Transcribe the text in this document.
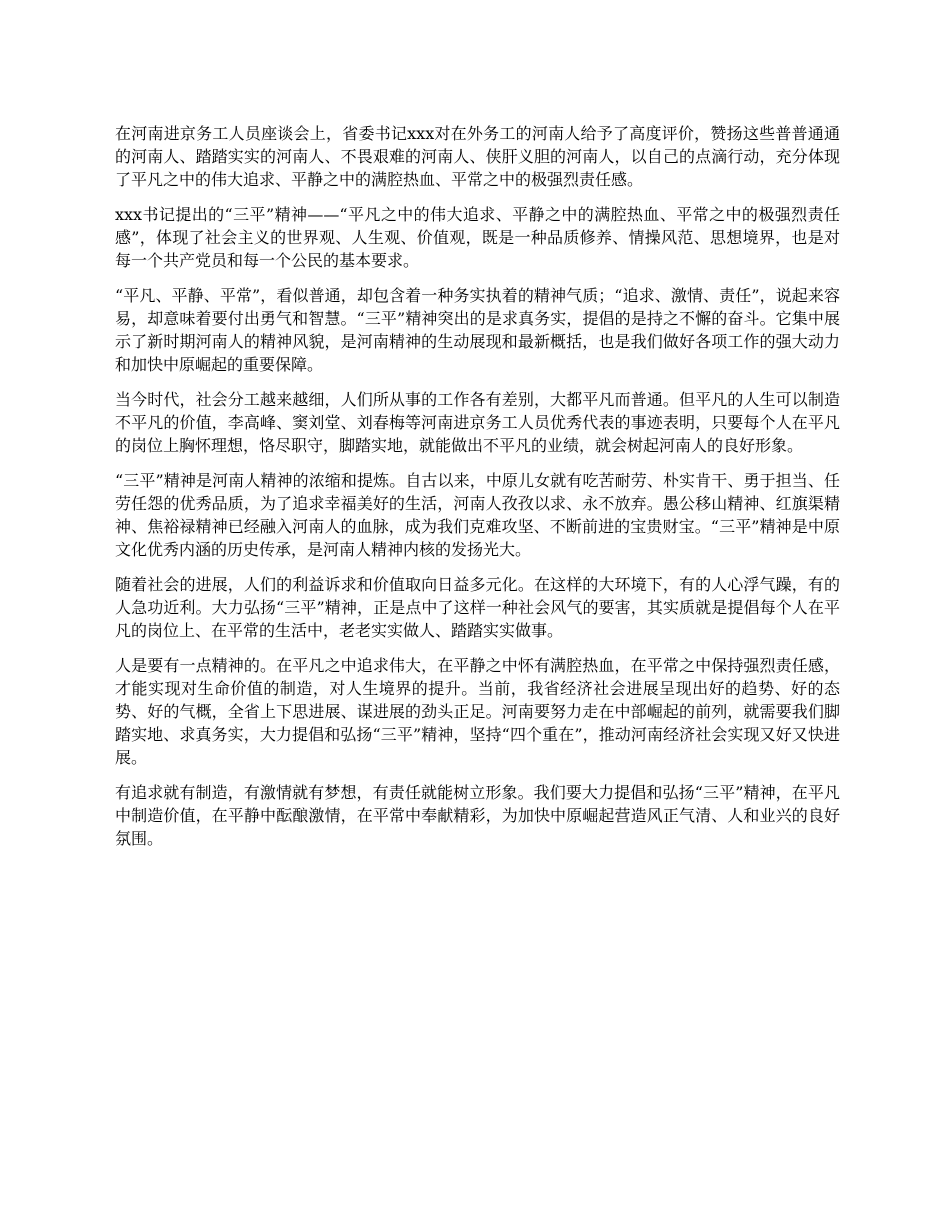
在河南进京务工人员座谈会上，省委书记xxx对在外务工的河南人给予了高度评价，赞扬这些普普通通的河南人、踏踏实实的河南人、不畏艰难的河南人、侠肝义胆的河南人，以自己的点滴行动，充分体现了平凡之中的伟大追求、平静之中的满腔热血、平常之中的极强烈责任感。

xxx书记提出的“三平”精神——“平凡之中的伟大追求、平静之中的满腔热血、平常之中的极强烈责任感”，体现了社会主义的世界观、人生观、价值观，既是一种品质修养、情操风范、思想境界，也是对每一个共产党员和每一个公民的基本要求。

“平凡、平静、平常”，看似普通，却包含着一种务实执着的精神气质；“追求、激情、责任”，说起来容易，却意味着要付出勇气和智慧。“三平”精神突出的是求真务实，提倡的是持之不懈的奋斗。它集中展示了新时期河南人的精神风貌，是河南精神的生动展现和最新概括，也是我们做好各项工作的强大动力和加快中原崛起的重要保障。

当今时代，社会分工越来越细，人们所从事的工作各有差别，大都平凡而普通。但平凡的人生可以制造不平凡的价值，李高峰、窦刘堂、刘春梅等河南进京务工人员优秀代表的事迹表明，只要每个人在平凡的岗位上胸怀理想，恪尽职守，脚踏实地，就能做出不平凡的业绩，就会树起河南人的良好形象。

“三平”精神是河南人精神的浓缩和提炼。自古以来，中原儿女就有吃苦耐劳、朴实肯干、勇于担当、任劳任怨的优秀品质，为了追求幸福美好的生活，河南人孜孜以求、永不放弃。愚公移山精神、红旗渠精神、焦裕禄精神已经融入河南人的血脉，成为我们克难攻坚、不断前进的宝贵财宝。“三平”精神是中原文化优秀内涵的历史传承，是河南人精神内核的发扬光大。

随着社会的进展，人们的利益诉求和价值取向日益多元化。在这样的大环境下，有的人心浮气躁，有的人急功近利。大力弘扬“三平”精神，正是点中了这样一种社会风气的要害，其实质就是提倡每个人在平凡的岗位上、在平常的生活中，老老实实做人、踏踏实实做事。

人是要有一点精神的。在平凡之中追求伟大，在平静之中怀有满腔热血，在平常之中保持强烈责任感，才能实现对生命价值的制造，对人生境界的提升。当前，我省经济社会进展呈现出好的趋势、好的态势、好的气概，全省上下思进展、谋进展的劲头正足。河南要努力走在中部崛起的前列，就需要我们脚踏实地、求真务实，大力提倡和弘扬“三平”精神，坚持“四个重在”，推动河南经济社会实现又好又快进展。

有追求就有制造，有激情就有梦想，有责任就能树立形象。我们要大力提倡和弘扬“三平”精神，在平凡中制造价值，在平静中酝酿激情，在平常中奉献精彩，为加快中原崛起营造风正气清、人和业兴的良好氛围。
